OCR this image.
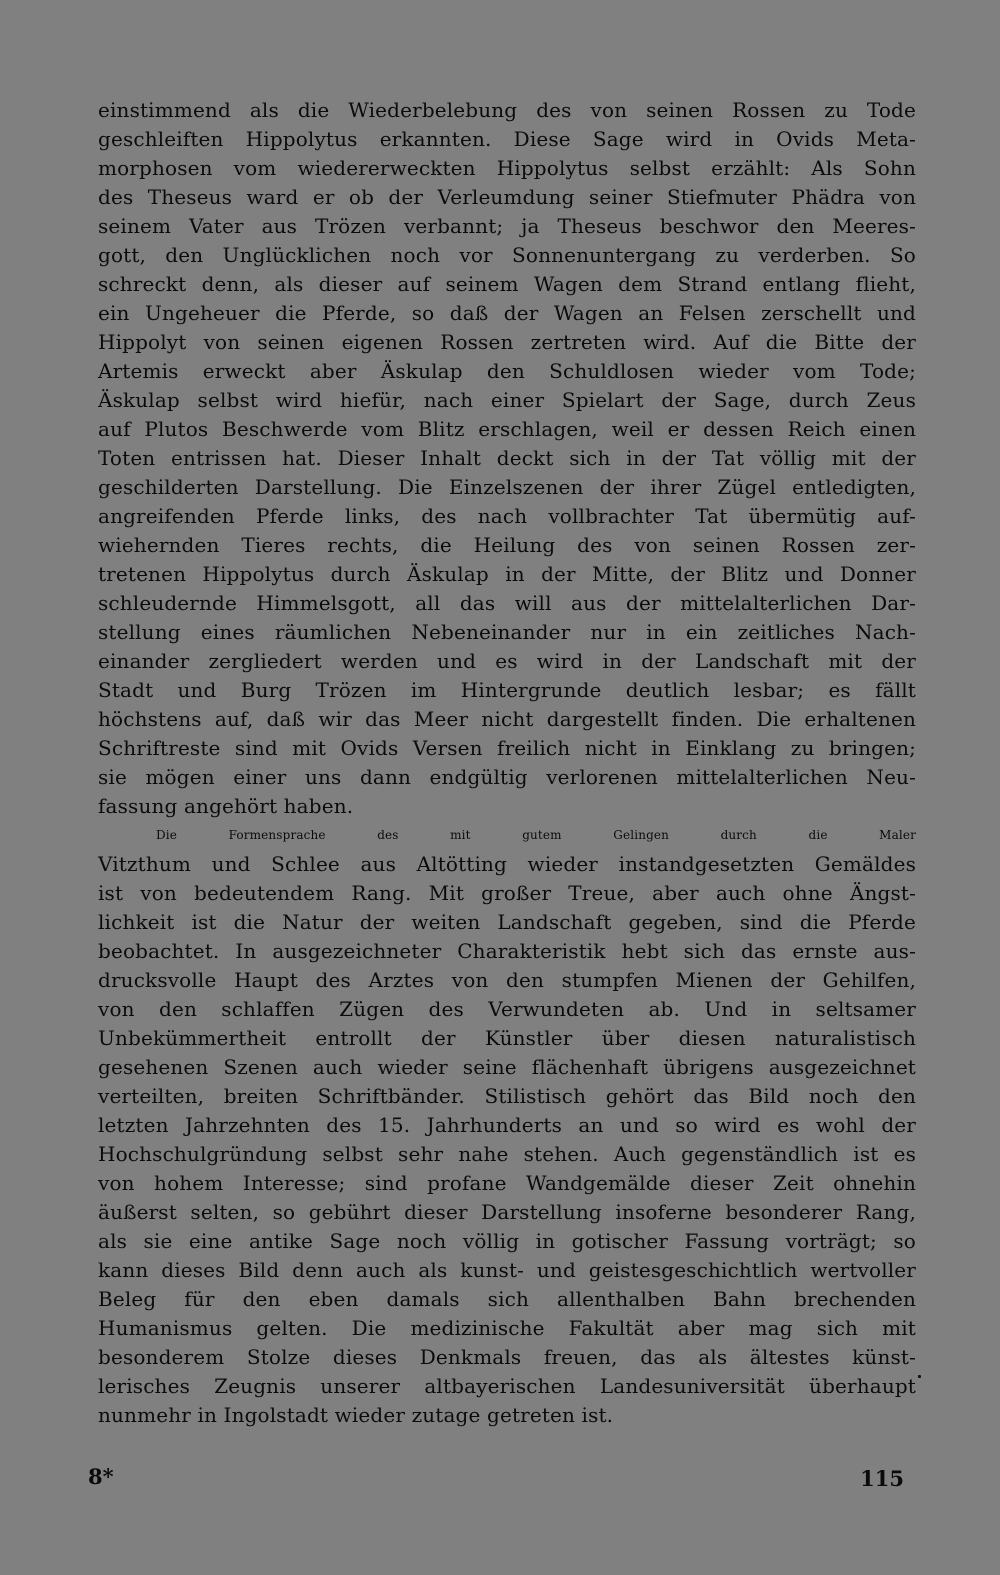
einstimmend als die Wiederbelebung des von seinen Rossen zu Tode
geschleiften Hippolytus erkannten. Diese Sage wird in Ovids Meta-
morphosen vom wiedererweckten Hippolytus selbst erzählt: Als Sohn
des Theseus ward er ob der Verleumdung seiner Stiefmuter Phädra von
seinem Vater aus Trözen verbannt; ja Theseus beschwor den Meeres-
gott, den Unglücklichen noch vor Sonnenuntergang zu verderben. So
schreckt denn, als dieser auf seinem Wagen dem Strand entlang flieht,
ein Ungeheuer die Pferde, so daß der Wagen an Felsen zerschellt und
Hippolyt von seinen eigenen Rossen zertreten wird. Auf die Bitte der
Artemis erweckt aber Äskulap den Schuldlosen wieder vom Tode;
Äskulap selbst wird hiefür, nach einer Spielart der Sage, durch Zeus
auf Plutos Beschwerde vom Blitz erschlagen, weil er dessen Reich einen
Toten entrissen hat. Dieser Inhalt deckt sich in der Tat völlig mit der
geschilderten Darstellung. Die Einzelszenen der ihrer Zügel entledigten,
angreifenden Pferde links, des nach vollbrachter Tat übermütig auf-
wiehernden Tieres rechts, die Heilung des von seinen Rossen zer-
tretenen Hippolytus durch Äskulap in der Mitte, der Blitz und Donner
schleudernde Himmelsgott, all das will aus der mittelalterlichen Dar-
stellung eines räumlichen Nebeneinander nur in ein zeitliches Nach-
einander zergliedert werden und es wird in der Landschaft mit der
Stadt und Burg Trözen im Hintergrunde deutlich lesbar; es fällt
höchstens auf, daß wir das Meer nicht dargestellt finden. Die erhaltenen
Schriftreste sind mit Ovids Versen freilich nicht in Einklang zu bringen;
sie mögen einer uns dann endgültig verlorenen mittelalterlichen Neu-
fassung angehört haben.
Die Formensprache des mit gutem Gelingen durch die Maler
Vitzthum und Schlee aus Altötting wieder instandgesetzten Gemäldes
ist von bedeutendem Rang. Mit großer Treue, aber auch ohne Ängst-
lichkeit ist die Natur der weiten Landschaft gegeben, sind die Pferde
beobachtet. In ausgezeichneter Charakteristik hebt sich das ernste aus-
drucksvolle Haupt des Arztes von den stumpfen Mienen der Gehilfen,
von den schlaffen Zügen des Verwundeten ab. Und in seltsamer
Unbekümmertheit entrollt der Künstler über diesen naturalistisch
gesehenen Szenen auch wieder seine flächenhaft übrigens ausgezeichnet
verteilten, breiten Schriftbänder. Stilistisch gehört das Bild noch den
letzten Jahrzehnten des 15. Jahrhunderts an und so wird es wohl der
Hochschulgründung selbst sehr nahe stehen. Auch gegenständlich ist es
von hohem Interesse; sind profane Wandgemälde dieser Zeit ohnehin
äußerst selten, so gebührt dieser Darstellung insoferne besonderer Rang,
als sie eine antike Sage noch völlig in gotischer Fassung vorträgt; so
kann dieses Bild denn auch als kunst- und geistesgeschichtlich wertvoller
Beleg für den eben damals sich allenthalben Bahn brechenden
Humanismus gelten. Die medizinische Fakultät aber mag sich mit
besonderem Stolze dieses Denkmals freuen, das als ältestes künst-
lerisches Zeugnis unserer altbayerischen Landesuniversität überhaupt
nunmehr in Ingolstadt wieder zutage getreten ist.
8*	115
